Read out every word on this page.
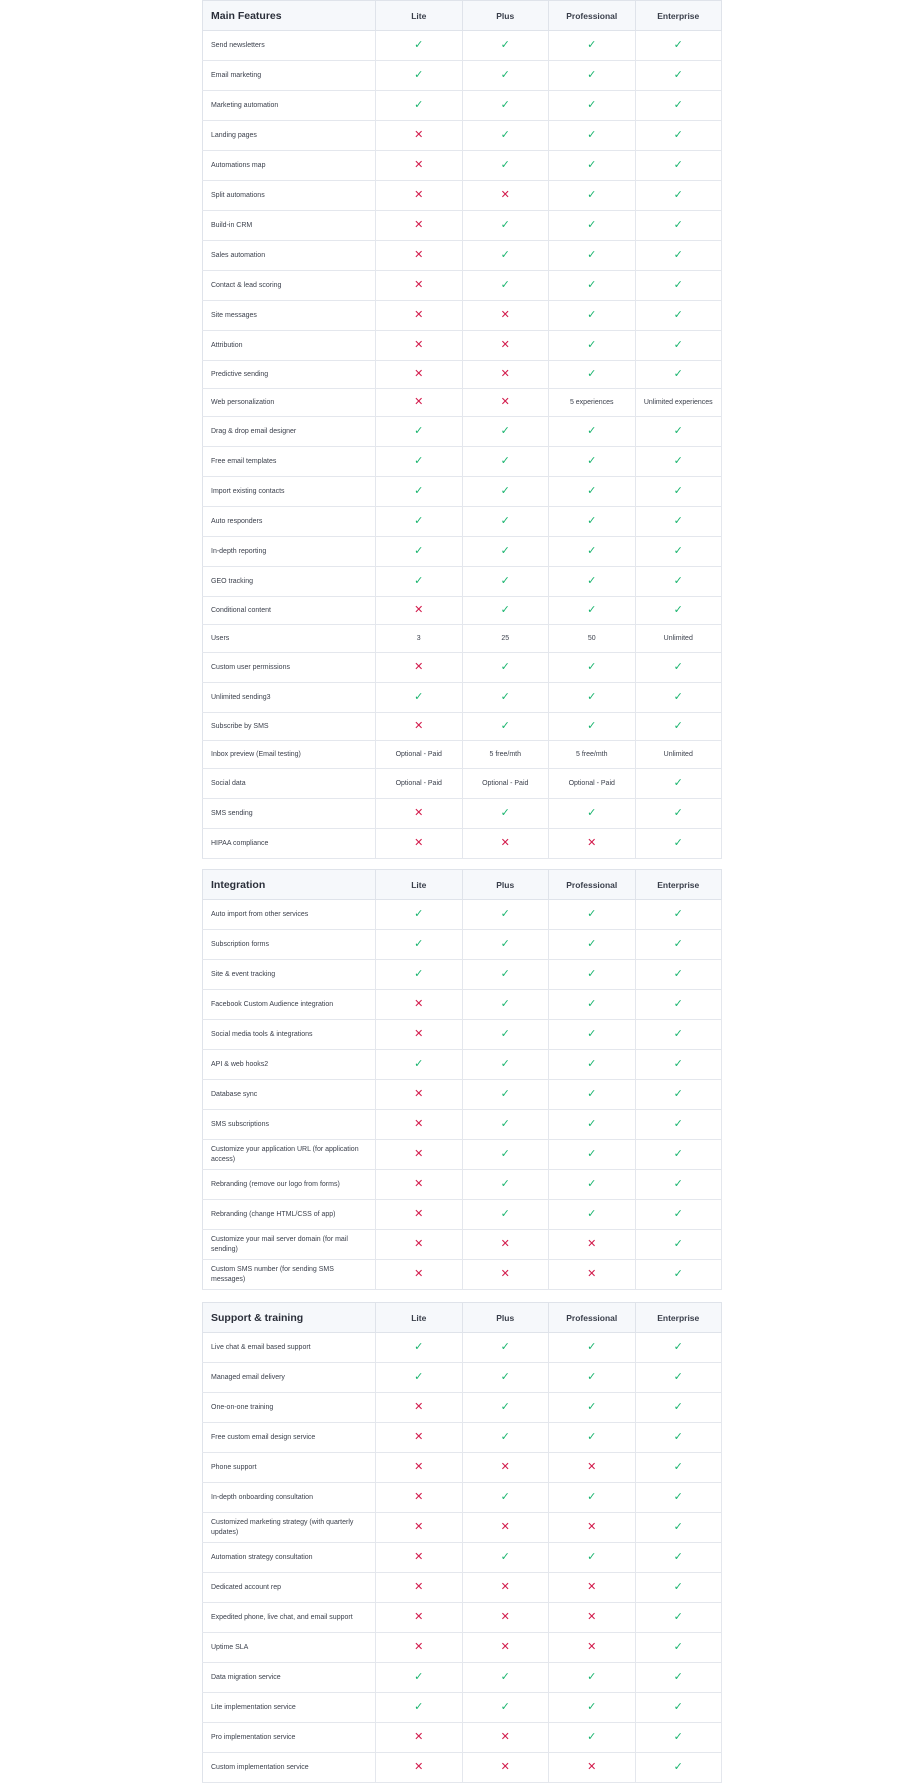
Main Features	Lite	Plus	Professional	Enterprise
Send newsletters	✓	✓	✓	✓
Email marketing	✓	✓	✓	✓
Marketing automation	✓	✓	✓	✓
Landing pages	✕	✓	✓	✓
Automations map	✕	✓	✓	✓
Split automations	✕	✕	✓	✓
Build-in CRM	✕	✓	✓	✓
Sales automation	✕	✓	✓	✓
Contact & lead scoring	✕	✓	✓	✓
Site messages	✕	✕	✓	✓
Attribution	✕	✕	✓	✓
Predictive sending	✕	✕	✓	✓
Web personalization	✕	✕	5 experiences	Unlimited experiences
Drag & drop email designer	✓	✓	✓	✓
Free email templates	✓	✓	✓	✓
Import existing contacts	✓	✓	✓	✓
Auto responders	✓	✓	✓	✓
In-depth reporting	✓	✓	✓	✓
GEO tracking	✓	✓	✓	✓
Conditional content	✕	✓	✓	✓
Users	3	25	50	Unlimited
Custom user permissions	✕	✓	✓	✓
Unlimited sending3	✓	✓	✓	✓
Subscribe by SMS	✕	✓	✓	✓
Inbox preview (Email testing)	Optional - Paid	5 free/mth	5 free/mth	Unlimited
Social data	Optional - Paid	Optional - Paid	Optional - Paid	✓
SMS sending	✕	✓	✓	✓
HIPAA compliance	✕	✕	✕	✓
Integration	Lite	Plus	Professional	Enterprise
Auto import from other services	✓	✓	✓	✓
Subscription forms	✓	✓	✓	✓
Site & event tracking	✓	✓	✓	✓
Facebook Custom Audience integration	✕	✓	✓	✓
Social media tools & integrations	✕	✓	✓	✓
API & web hooks2	✓	✓	✓	✓
Database sync	✕	✓	✓	✓
SMS subscriptions	✕	✓	✓	✓
Customize your application URL (for application access)	✕	✓	✓	✓
Rebranding (remove our logo from forms)	✕	✓	✓	✓
Rebranding (change HTML/CSS of app)	✕	✓	✓	✓
Customize your mail server domain (for mail sending)	✕	✕	✕	✓
Custom SMS number (for sending SMS messages)	✕	✕	✕	✓
Support & training	Lite	Plus	Professional	Enterprise
Live chat & email based support	✓	✓	✓	✓
Managed email delivery	✓	✓	✓	✓
One-on-one training	✕	✓	✓	✓
Free custom email design service	✕	✓	✓	✓
Phone support	✕	✕	✕	✓
In-depth onboarding consultation	✕	✓	✓	✓
Customized marketing strategy (with quarterly updates)	✕	✕	✕	✓
Automation strategy consultation	✕	✓	✓	✓
Dedicated account rep	✕	✕	✕	✓
Expedited phone, live chat, and email support	✕	✕	✕	✓
Uptime SLA	✕	✕	✕	✓
Data migration service	✓	✓	✓	✓
Lite implementation service	✓	✓	✓	✓
Pro implementation service	✕	✕	✓	✓
Custom implementation service	✕	✕	✕	✓
